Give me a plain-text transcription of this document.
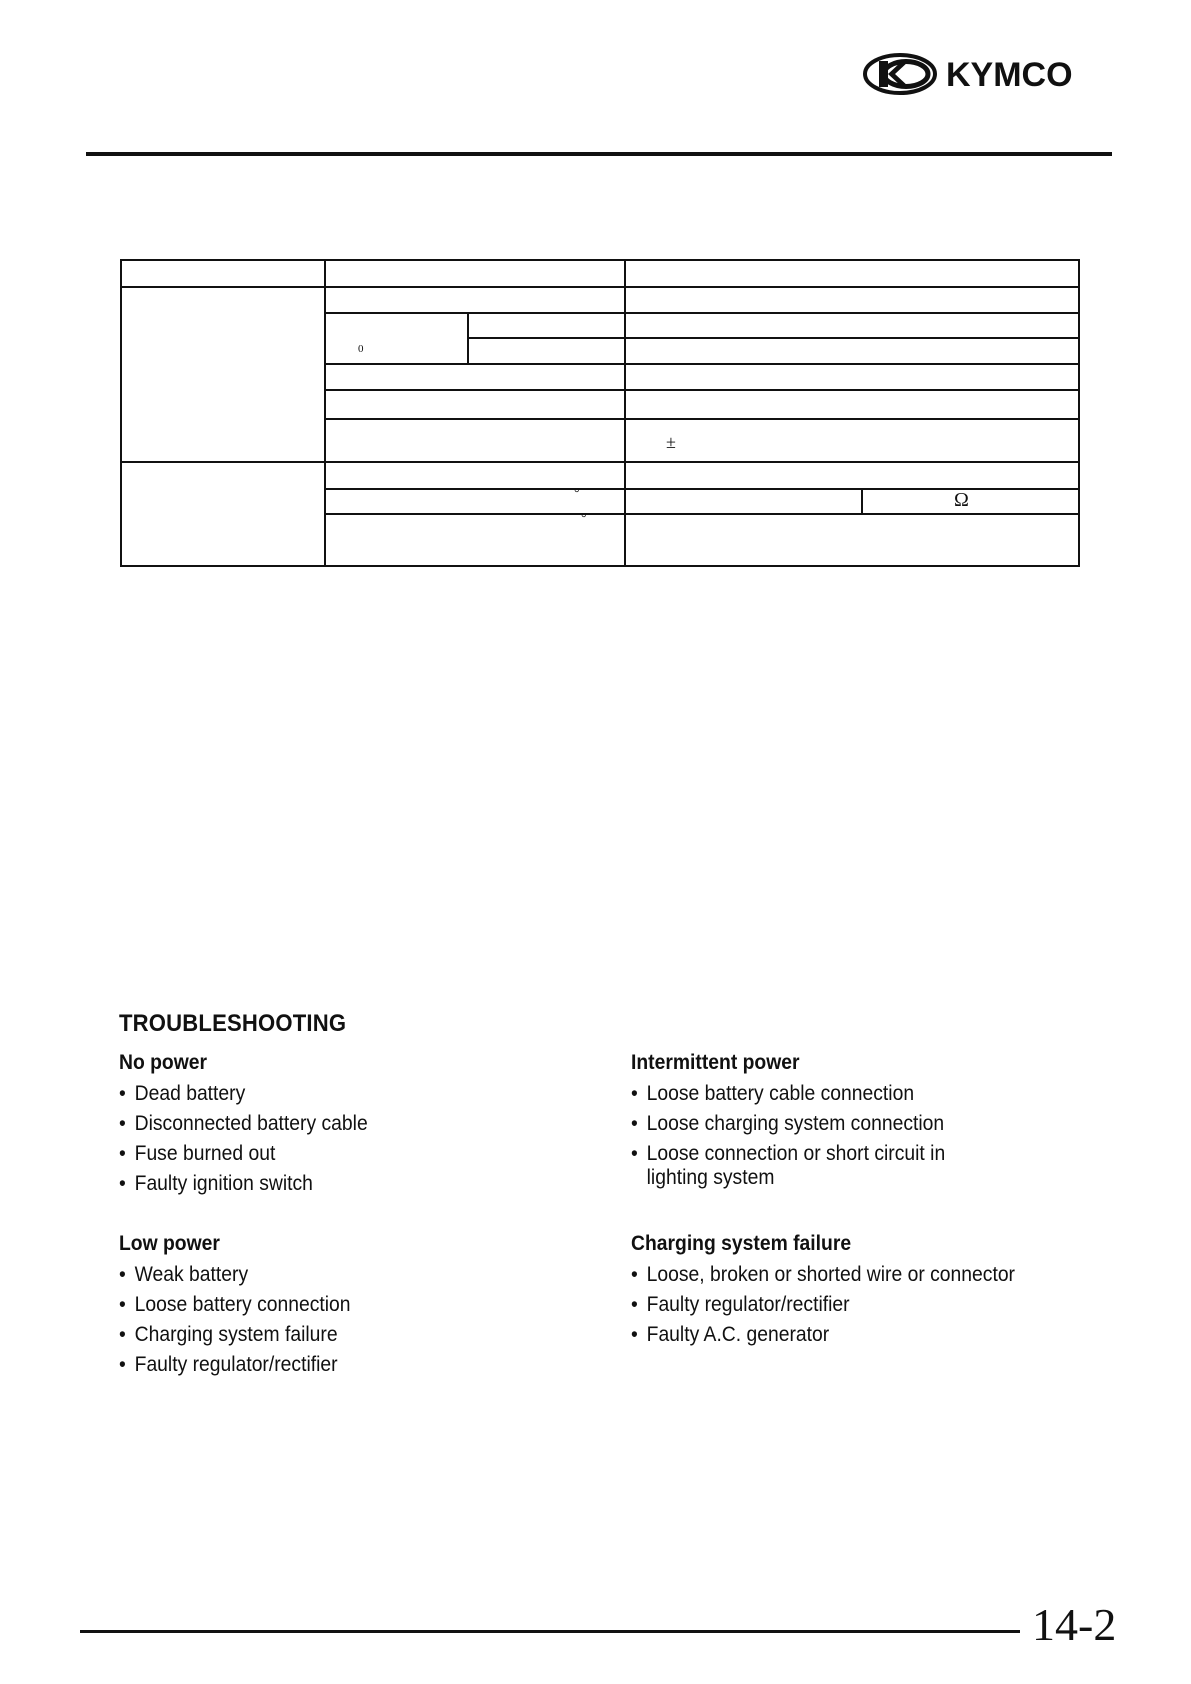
KYMCO
0
±
°
°
Ω
TROUBLESHOOTING
No power
• Dead battery
• Disconnected battery cable
• Fuse burned out
• Faulty ignition switch
Intermittent power
• Loose battery cable connection
• Loose charging system connection
• Loose connection or short circuit in
lighting system
Low power
• Weak battery
• Loose battery connection
• Charging system failure
• Faulty regulator/rectifier
Charging system failure
• Loose, broken or shorted wire or connector
• Faulty regulator/rectifier
• Faulty A.C. generator
14-2
